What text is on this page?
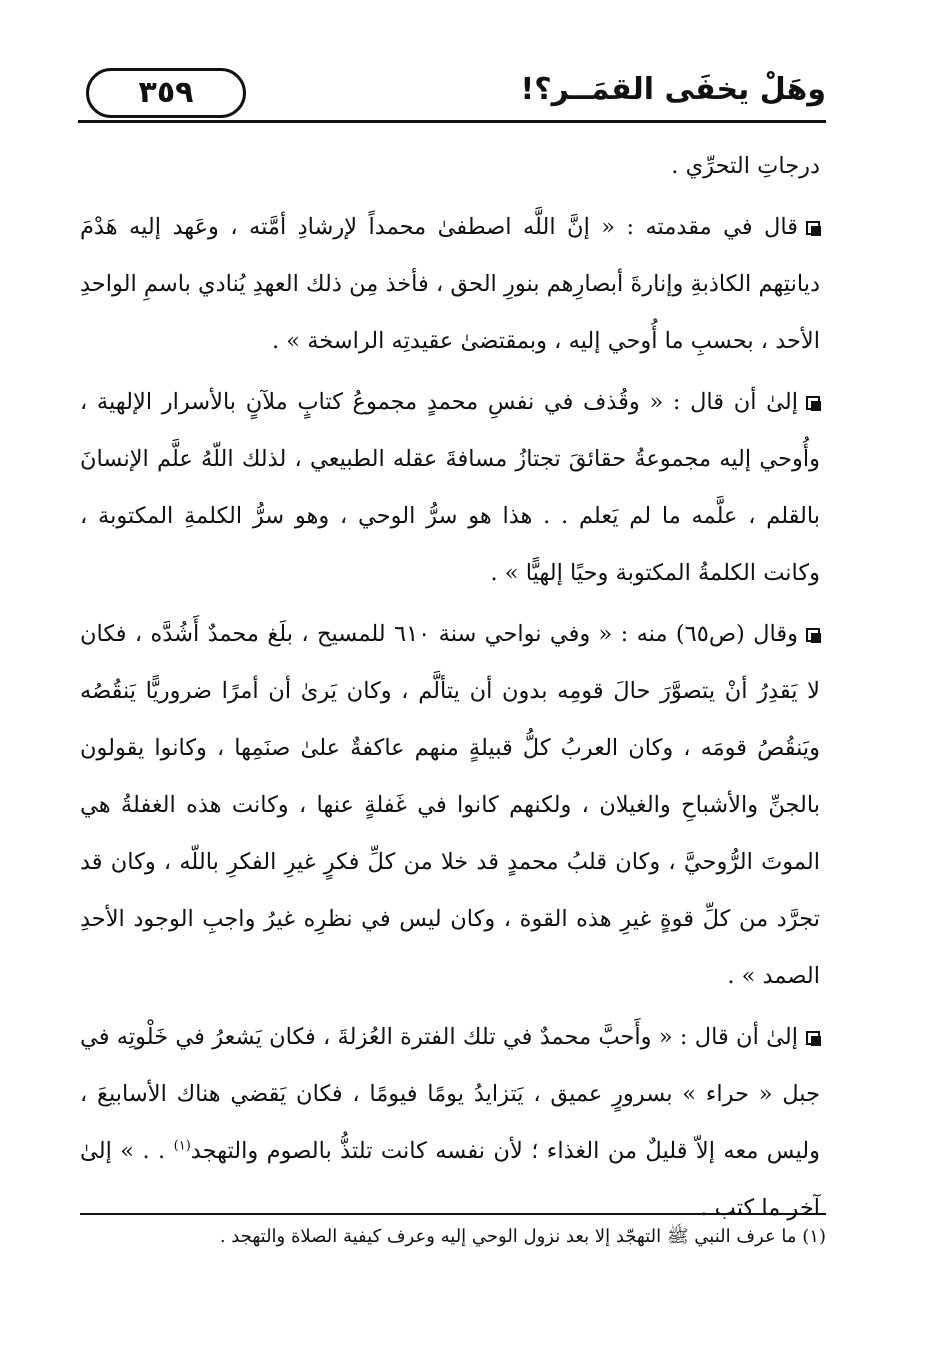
٣٥٩	وهَلْ يخفَى القمَــر؟!

درجاتِ التحرِّي .

قال في مقدمته : « إنَّ اللَّه اصطفىٰ محمداً لإرشادِ أمَّته ، وعَهد إليه هَدْمَ ديانتِهم الكاذبةِ وإنارةَ أبصارِهم بنورِ الحق ، فأخذ مِن ذلك العهدِ يُنادي باسمِ الواحدِ الأحد ، بحسبِ ما أُوحي إليه ، وبمقتضىٰ عقيدتِه الراسخة » .

إلىٰ أن قال : « وقُذف في نفسِ محمدٍ مجموعُ كتابٍ ملآنٍ بالأسرار الإلهية ، وأُوحي إليه مجموعةُ حقائقَ تجتازُ مسافةَ عقله الطبيعي ، لذلك اللّهُ علَّم الإنسانَ بالقلم ، علَّمه ما لم يَعلم . . هذا هو سرُّ الوحي ، وهو سرُّ الكلمةِ المكتوبة ، وكانت الكلمةُ المكتوبة وحيًا إلهيًّا » .

وقال (ص٦٥) منه : « وفي نواحي سنة ٦١٠ للمسيح ، بلَغ محمدٌ أَشُدَّه ، فكان لا يَقدِرُ أنْ يتصوَّرَ حالَ قومِه بدون أن يتألَّم ، وكان يَرىٰ أن أمرًا ضروريًّا يَنقُصُه ويَنقُصُ قومَه ، وكان العربُ كلُّ قبيلةٍ منهم عاكفةٌ علىٰ صنَمِها ، وكانوا يقولون بالجنِّ والأشباحِ والغيلان ، ولكنهم كانوا في غَفلةٍ عنها ، وكانت هذه الغفلةُ هي الموتَ الرُّوحيَّ ، وكان قلبُ محمدٍ قد خلا من كلِّ فكرٍ غيرِ الفكرِ باللّه ، وكان قد تجرَّد من كلِّ قوةٍ غيرِ هذه القوة ، وكان ليس في نظرِه غيرُ واجبِ الوجود الأحدِ الصمد » .

إلىٰ أن قال : « وأَحبَّ محمدٌ في تلك الفترة العُزلةَ ، فكان يَشعرُ في خَلْوتِه في جبل « حراء » بسرورٍ عميق ، يَتزايدُ يومًا فيومًا ، فكان يَقضي هناك الأسابيعَ ، وليس معه إلاّ قليلٌ من الغذاء ؛ لأن نفسه كانت تلتذُّ بالصوم والتهجد$^{(١)}$ . . » إلىٰ آخر ما كتب .

(١) ما عرف النبي ﷺ التهجّد إلا بعد نزول الوحي إليه وعرف كيفية الصلاة والتهجد .
